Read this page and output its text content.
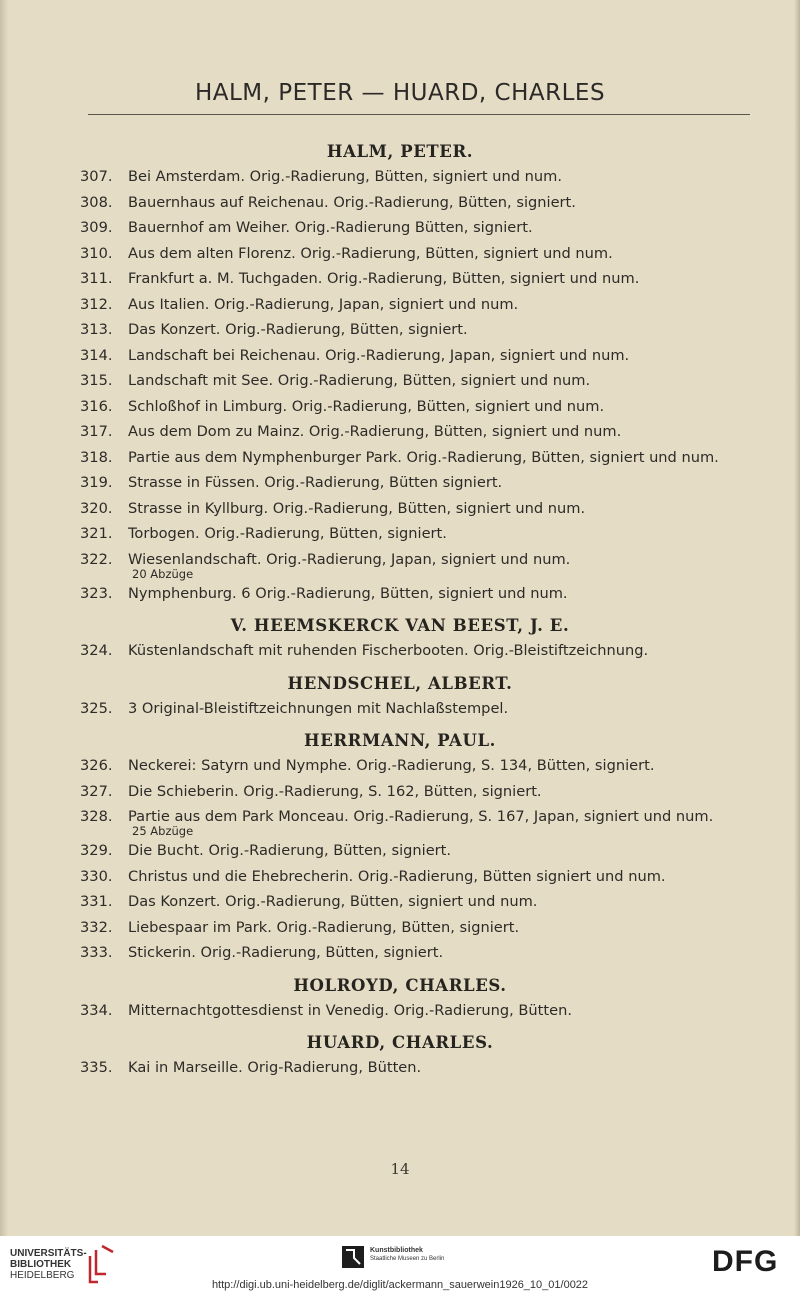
HALM, PETER — HUARD, CHARLES
HALM, PETER.
307.	Bei Amsterdam. Orig.-Radierung, Bütten, signiert und num.
308.	Bauernhaus auf Reichenau. Orig.-Radierung, Bütten, signiert.
309.	Bauernhof am Weiher. Orig.-Radierung Bütten, signiert.
310.	Aus dem alten Florenz. Orig.-Radierung, Bütten, signiert und num.
311.	Frankfurt a. M. Tuchgaden. Orig.-Radierung, Bütten, signiert und num.
312.	Aus Italien. Orig.-Radierung, Japan, signiert und num.
313.	Das Konzert. Orig.-Radierung, Bütten, signiert.
314.	Landschaft bei Reichenau. Orig.-Radierung, Japan, signiert und num.
315.	Landschaft mit See. Orig.-Radierung, Bütten, signiert und num.
316.	Schloßhof in Limburg. Orig.-Radierung, Bütten, signiert und num.
317.	Aus dem Dom zu Mainz. Orig.-Radierung, Bütten, signiert und num.
318.	Partie aus dem Nymphenburger Park. Orig.-Radierung, Bütten, signiert und num.
319.	Strasse in Füssen. Orig.-Radierung, Bütten signiert.
320.	Strasse in Kyllburg. Orig.-Radierung, Bütten, signiert und num.
321.	Torbogen. Orig.-Radierung, Bütten, signiert.
322.	Wiesenlandschaft. Orig.-Radierung, Japan, signiert und num.
20 Abzüge
323.	Nymphenburg. 6 Orig.-Radierung, Bütten, signiert und num.
V. HEEMSKERCK VAN BEEST, J. E.
324.	Küstenlandschaft mit ruhenden Fischerbooten. Orig.-Bleistiftzeichnung.
HENDSCHEL, ALBERT.
325.	3 Original-Bleistiftzeichnungen mit Nachlaßstempel.
HERRMANN, PAUL.
326.	Neckerei: Satyrn und Nymphe. Orig.-Radierung, S. 134, Bütten, signiert.
327.	Die Schieberin. Orig.-Radierung, S. 162, Bütten, signiert.
328.	Partie aus dem Park Monceau. Orig.-Radierung, S. 167, Japan, signiert und num.
25 Abzüge
329.	Die Bucht. Orig.-Radierung, Bütten, signiert.
330.	Christus und die Ehebrecherin. Orig.-Radierung, Bütten signiert und num.
331.	Das Konzert. Orig.-Radierung, Bütten, signiert und num.
332.	Liebespaar im Park. Orig.-Radierung, Bütten, signiert.
333.	Stickerin. Orig.-Radierung, Bütten, signiert.
HOLROYD, CHARLES.
334.	Mitternachtgottesdienst in Venedig. Orig.-Radierung, Bütten.
HUARD, CHARLES.
335.	Kai in Marseille. Orig-Radierung, Bütten.
14
UNIVERSITÄTS-
BIBLIOTHEK
HEIDELBERG
Kunstbibliothek
Staatliche Museen zu Berlin	DFG
http://digi.ub.uni-heidelberg.de/diglit/ackermann_sauerwein1926_10_01/0022
